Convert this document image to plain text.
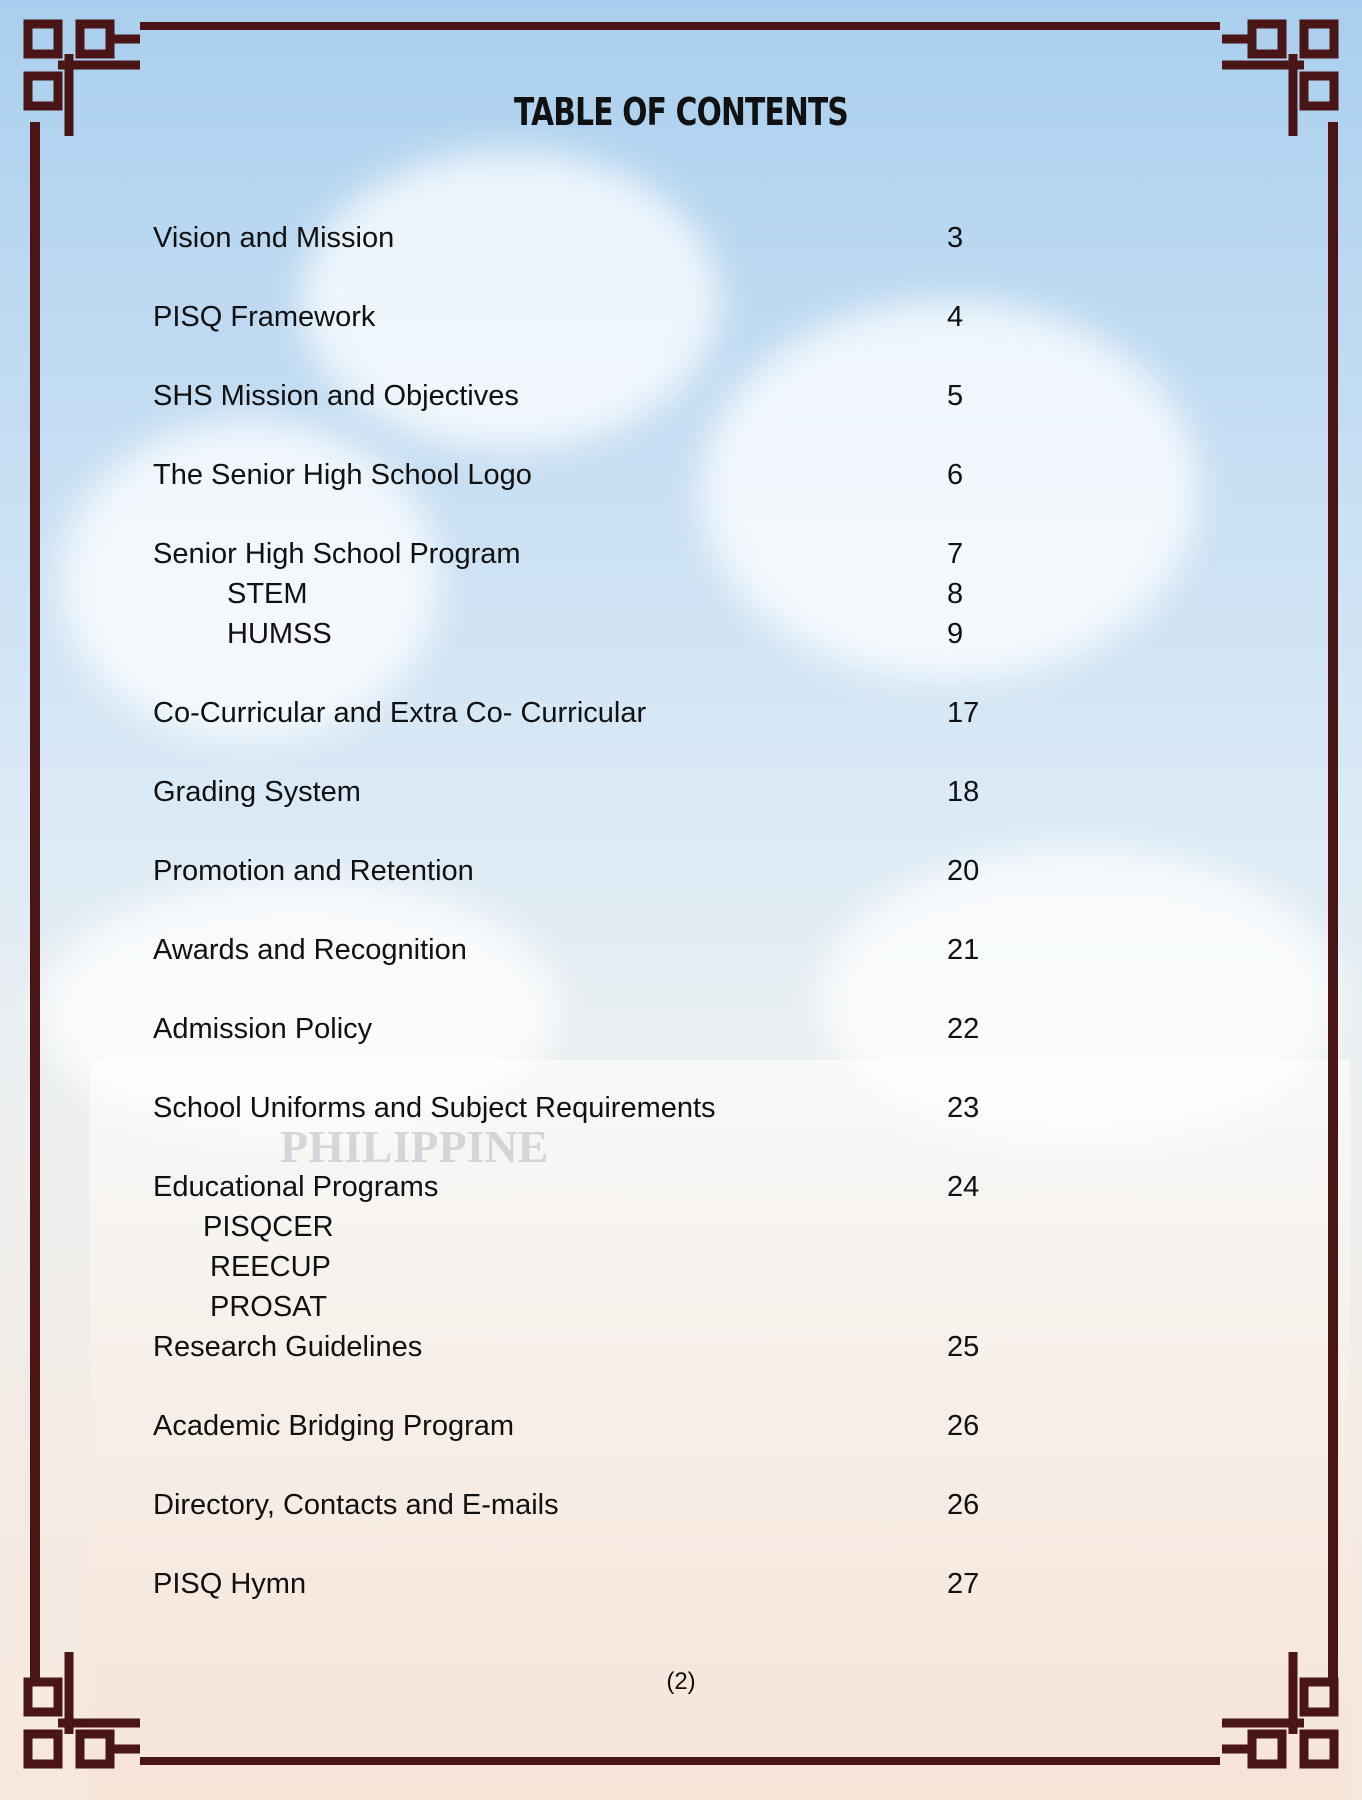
PHILIPPINE
TABLE OF CONTENTS
Vision and Mission	3
PISQ Framework	4
SHS Mission and Objectives	5
The Senior High School Logo	6
Senior High School Program	7
STEM	8
HUMSS	9
Co-Curricular and Extra Co- Curricular	17
Grading System	18
Promotion and Retention	20
Awards and Recognition	21
Admission Policy	22
School Uniforms and Subject Requirements	23
Educational Programs	24
PISQCER
REECUP
PROSAT
Research Guidelines	25
Academic Bridging Program	26
Directory, Contacts and E-mails	26
PISQ Hymn	27
(2)
